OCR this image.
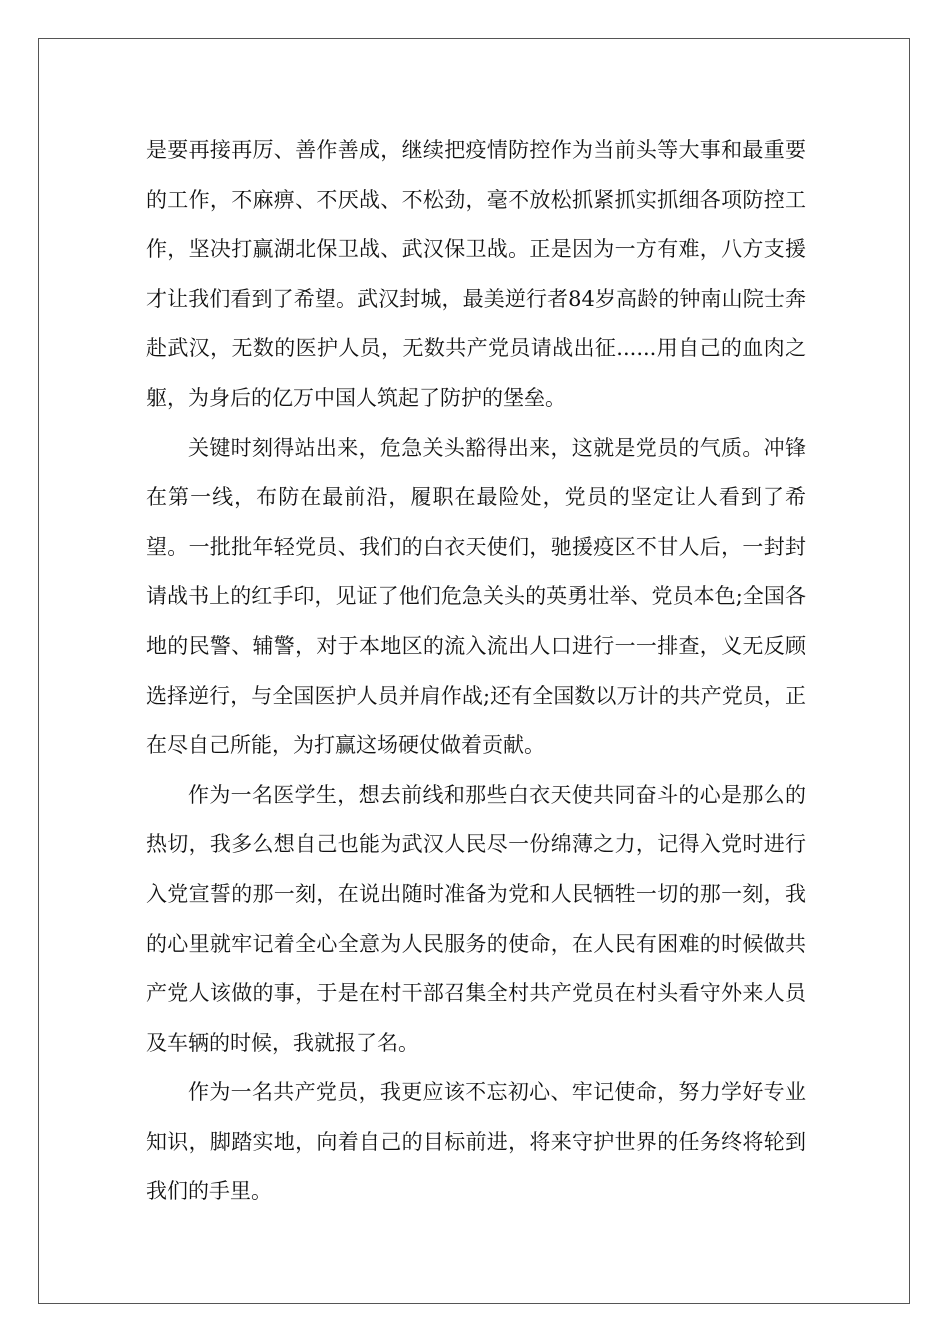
是要再接再厉、善作善成，继续把疫情防控作为当前头等大事和最重要的工作，不麻痹、不厌战、不松劲，毫不放松抓紧抓实抓细各项防控工作，坚决打赢湖北保卫战、武汉保卫战。正是因为一方有难，八方支援才让我们看到了希望。武汉封城，最美逆行者84岁高龄的钟南山院士奔赴武汉，无数的医护人员，无数共产党员请战出征......用自己的血肉之躯，为身后的亿万中国人筑起了防护的堡垒。

关键时刻得站出来，危急关头豁得出来，这就是党员的气质。冲锋在第一线，布防在最前沿，履职在最险处，党员的坚定让人看到了希望。一批批年轻党员、我们的白衣天使们，驰援疫区不甘人后，一封封请战书上的红手印，见证了他们危急关头的英勇壮举、党员本色;全国各地的民警、辅警，对于本地区的流入流出人口进行一一排查，义无反顾选择逆行，与全国医护人员并肩作战;还有全国数以万计的共产党员，正在尽自己所能，为打赢这场硬仗做着贡献。

作为一名医学生，想去前线和那些白衣天使共同奋斗的心是那么的热切，我多么想自己也能为武汉人民尽一份绵薄之力，记得入党时进行入党宣誓的那一刻，在说出随时准备为党和人民牺牲一切的那一刻，我的心里就牢记着全心全意为人民服务的使命，在人民有困难的时候做共产党人该做的事，于是在村干部召集全村共产党员在村头看守外来人员及车辆的时候，我就报了名。

作为一名共产党员，我更应该不忘初心、牢记使命，努力学好专业知识，脚踏实地，向着自己的目标前进，将来守护世界的任务终将轮到我们的手里。
